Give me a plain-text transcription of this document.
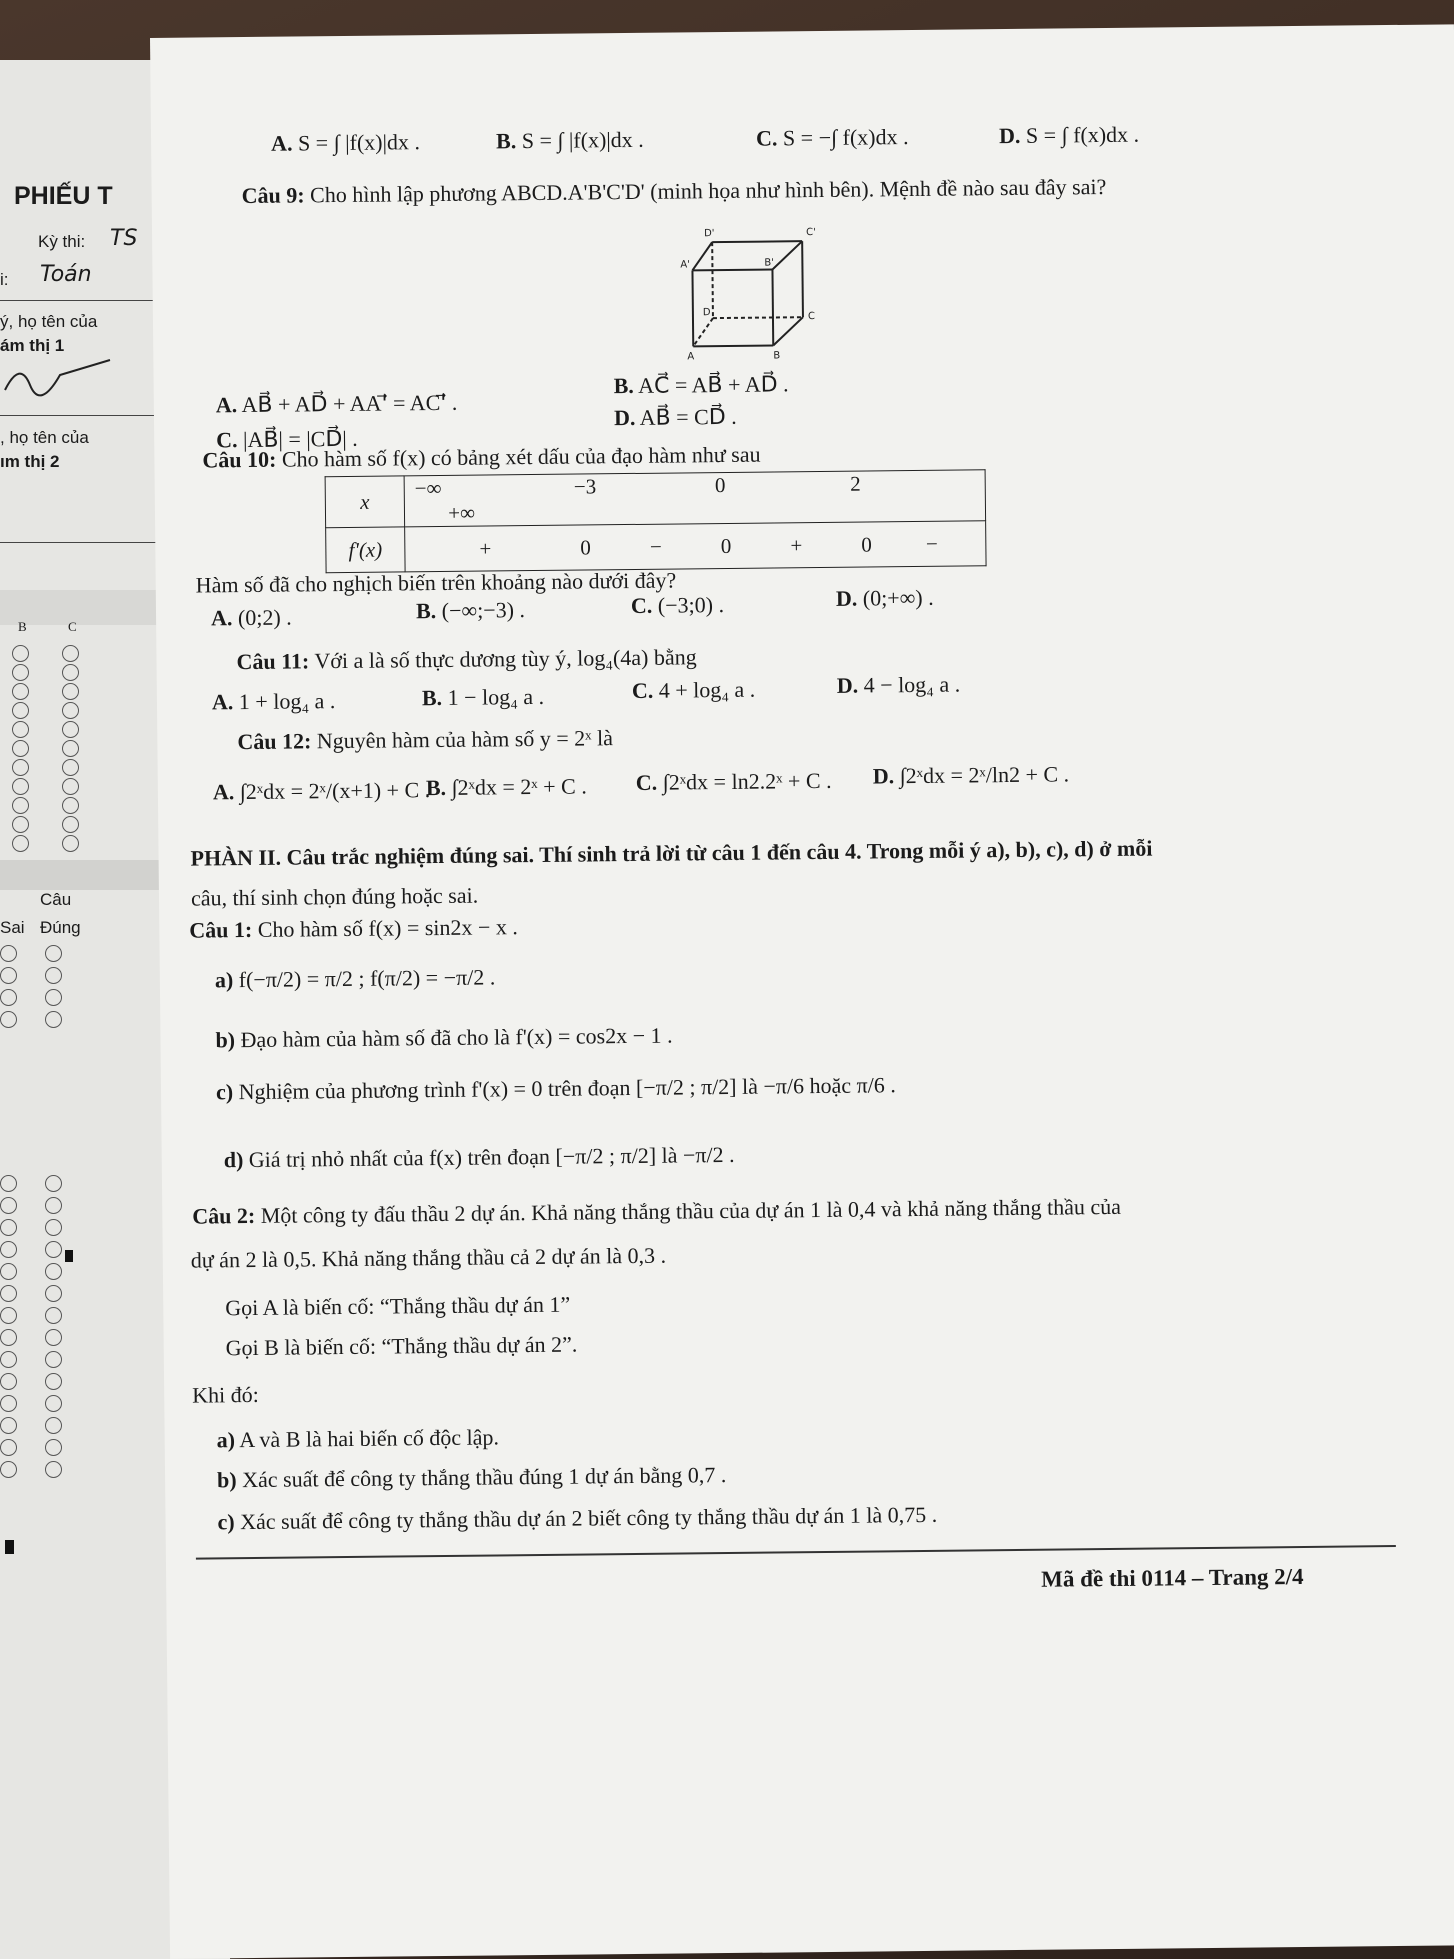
PHIẾU T
Kỳ thi: TS
i: Toán
ý, họ tên của
ám thị 1
, họ tên của
ım thị 2
B	C
Câu
Sai Đúng
A. S = ∫ |f(x)|dx .	B. S = ∫ |f(x)|dx .	C. S = −∫ f(x)dx .	D. S = ∫ f(x)dx .
Câu 9: Cho hình lập phương ABCD.A'B'C'D' (minh họa như hình bên). Mệnh đề nào sau đây sai?
D'	C'
A'	B'
D	C
A	B
A. AB⃗ + AD⃗ + AA'⃗ = AC'⃗ .
B. AC⃗ = AB⃗ + AD⃗ .
C. |AB⃗| = |CD⃗| .
D. AB⃗ = CD⃗ .
Câu 10: Cho hàm số f(x) có bảng xét dấu của đạo hàm như sau
x	−∞ −3 0 2 +∞
f'(x)	+ 0 − 0 + 0 −
Hàm số đã cho nghịch biến trên khoảng nào dưới đây?
A. (0;2) .	B. (−∞;−3) .	C. (−3;0) .	D. (0;+∞) .
Câu 11: Với a là số thực dương tùy ý, log₄(4a) bằng
A. 1 + log₄ a .	B. 1 − log₄ a .	C. 4 + log₄ a .	D. 4 − log₄ a .
Câu 12: Nguyên hàm của hàm số y = 2ˣ là
A. ∫2ˣdx = 2ˣ/(x+1) + C .
B. ∫2ˣdx = 2ˣ + C . C. ∫2ˣdx = ln2.2ˣ + C . D. ∫2ˣdx = 2ˣ/ln2 + C .
PHÀN II. Câu trắc nghiệm đúng sai. Thí sinh trả lời từ câu 1 đến câu 4. Trong mỗi ý a), b), c), d) ở mỗi
câu, thí sinh chọn đúng hoặc sai.
Câu 1: Cho hàm số f(x) = sin2x − x .
a) f(−π/2) = π/2 ; f(π/2) = −π/2 .
b) Đạo hàm của hàm số đã cho là f'(x) = cos2x − 1 .
c) Nghiệm của phương trình f'(x) = 0 trên đoạn [−π/2 ; π/2] là −π/6 hoặc π/6 .
d) Giá trị nhỏ nhất của f(x) trên đoạn [−π/2 ; π/2] là −π/2 .
Câu 2: Một công ty đấu thầu 2 dự án. Khả năng thắng thầu của dự án 1 là 0,4 và khả năng thắng thầu của
dự án 2 là 0,5. Khả năng thắng thầu cả 2 dự án là 0,3 .
Gọi A là biến cố: “Thắng thầu dự án 1”
Gọi B là biến cố: “Thắng thầu dự án 2”.
Khi đó:
a) A và B là hai biến cố độc lập.
b) Xác suất để công ty thắng thầu đúng 1 dự án bằng 0,7 .
c) Xác suất để công ty thắng thầu dự án 2 biết công ty thắng thầu dự án 1 là 0,75 .
Mã đề thi 0114 – Trang 2/4
